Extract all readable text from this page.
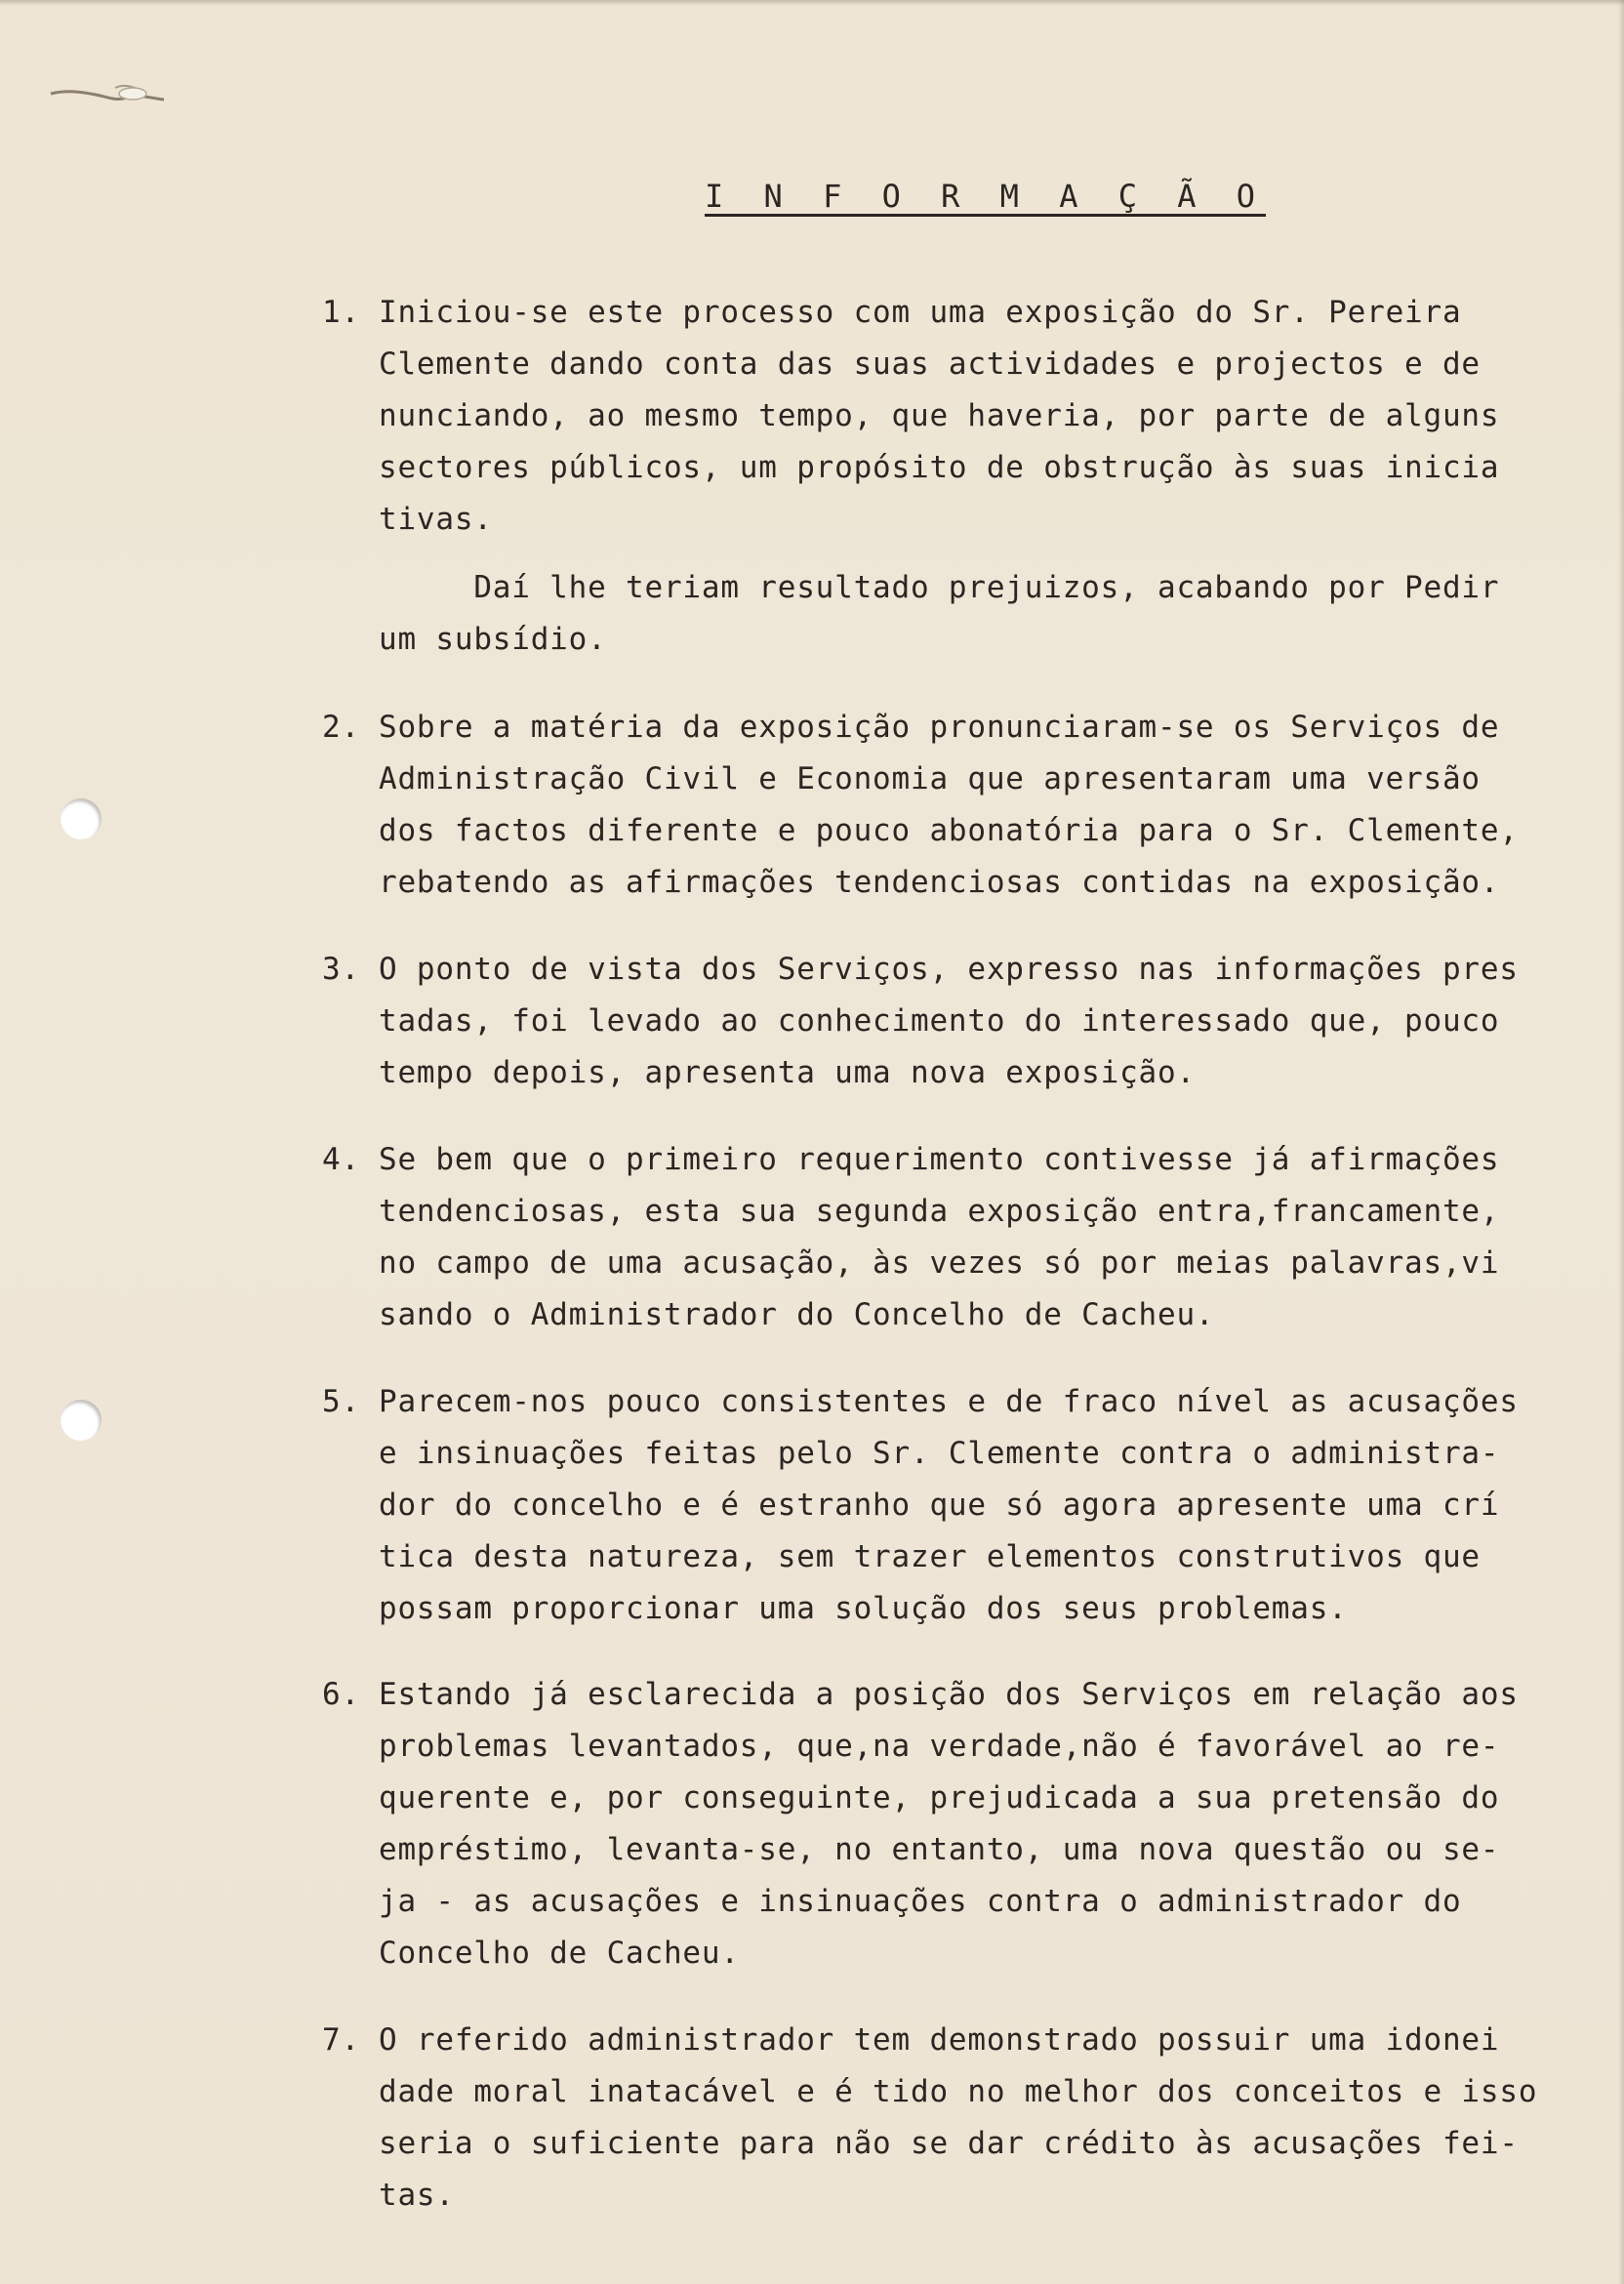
I N F O R M A Ç Ã O
1. Iniciou-se este processo com uma exposição do Sr. Pereira
Clemente dando conta das suas actividades e projectos e de
nunciando, ao mesmo tempo, que haveria, por parte de alguns
sectores públicos, um propósito de obstrução às suas inicia
tivas.
Daí lhe teriam resultado prejuizos, acabando por Pedir
um subsídio.
2. Sobre a matéria da exposição pronunciaram-se os Serviços de
Administração Civil e Economia que apresentaram uma versão
dos factos diferente e pouco abonatória para o Sr. Clemente,
rebatendo as afirmações tendenciosas contidas na exposição.
3. O ponto de vista dos Serviços, expresso nas informações pres
tadas, foi levado ao conhecimento do interessado que, pouco
tempo depois, apresenta uma nova exposição.
4. Se bem que o primeiro requerimento contivesse já afirmações
tendenciosas, esta sua segunda exposição entra,francamente,
no campo de uma acusação, às vezes só por meias palavras,vi
sando o Administrador do Concelho de Cacheu.
5. Parecem-nos pouco consistentes e de fraco nível as acusações
e insinuações feitas pelo Sr. Clemente contra o administra-
dor do concelho e é estranho que só agora apresente uma crí
tica desta natureza, sem trazer elementos construtivos que
possam proporcionar uma solução dos seus problemas.
6. Estando já esclarecida a posição dos Serviços em relação aos
problemas levantados, que,na verdade,não é favorável ao re-
querente e, por conseguinte, prejudicada a sua pretensão do
empréstimo, levanta-se, no entanto, uma nova questão ou se-
ja - as acusações e insinuações contra o administrador do
Concelho de Cacheu.
7. O referido administrador tem demonstrado possuir uma idonei
dade moral inatacável e é tido no melhor dos conceitos e isso
seria o suficiente para não se dar crédito às acusações fei-
tas.
